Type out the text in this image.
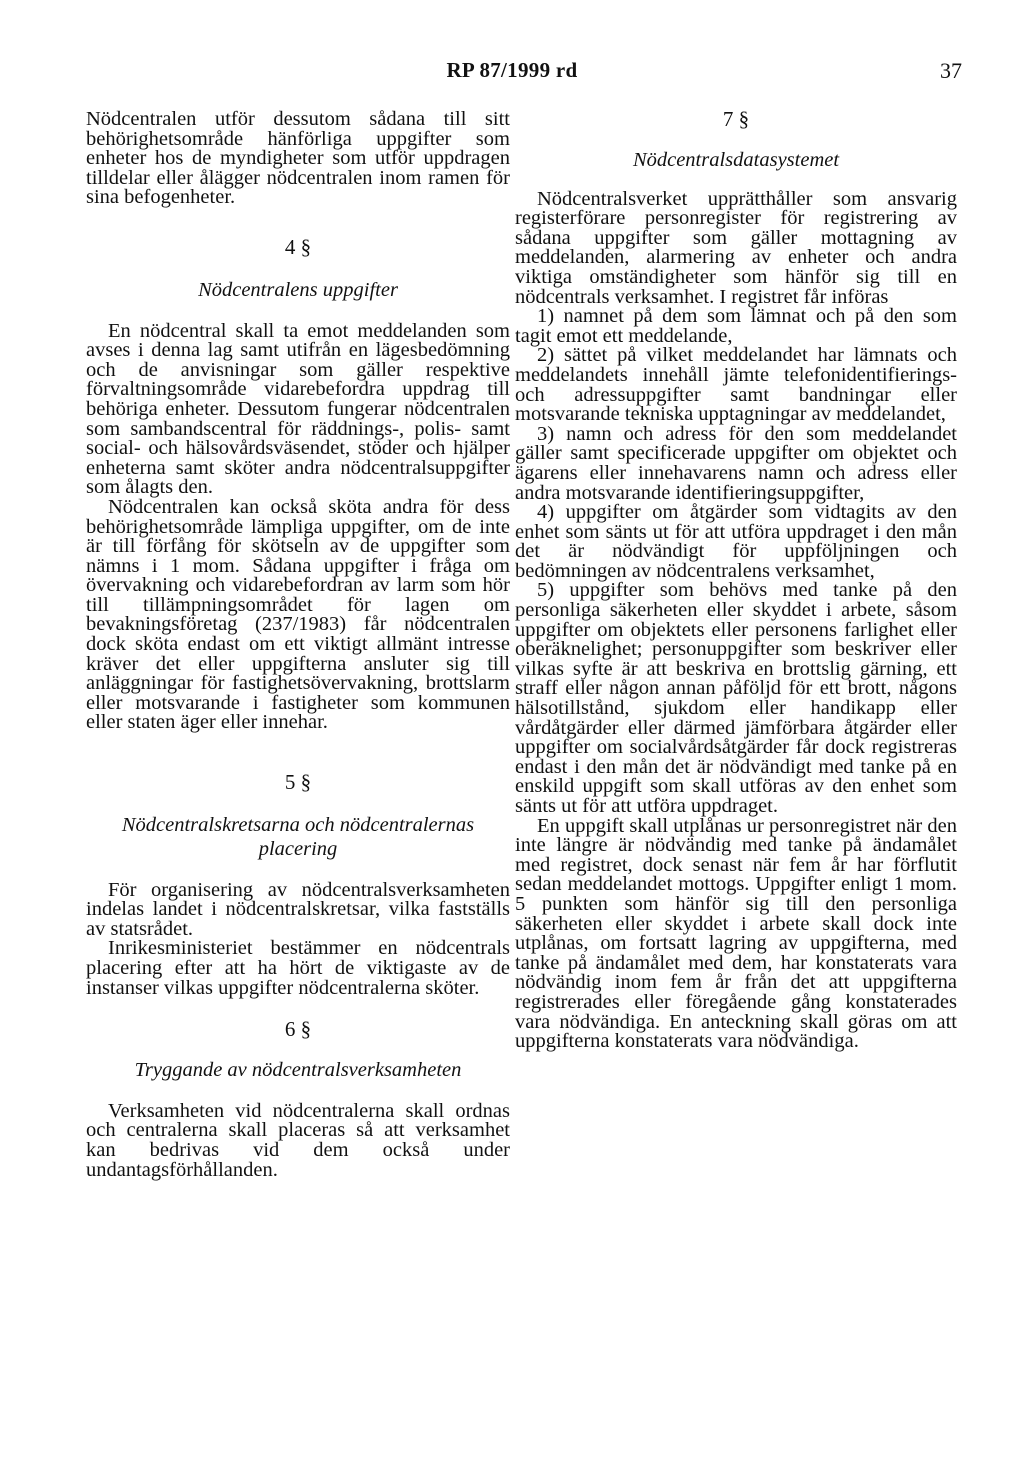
RP 87/1999 rd	37

Nödcentralen utför dessutom sådana till sitt behörighetsområde hänförliga uppgifter som enheter hos de myndigheter som utför uppdragen tilldelar eller ålägger nödcentralen inom ramen för sina befogenheter.

4 §

Nödcentralens uppgifter

En nödcentral skall ta emot meddelanden som avses i denna lag samt utifrån en lägesbedömning och de anvisningar som gäller respektive förvaltningsområde vidarebefordra uppdrag till behöriga enheter. Dessutom fungerar nödcentralen som sambandscentral för räddnings-, polis- samt social- och hälsovårdsväsendet, stöder och hjälper enheterna samt sköter andra nödcentralsuppgifter som ålagts den.

Nödcentralen kan också sköta andra för dess behörighetsområde lämpliga uppgifter, om de inte är till förfång för skötseln av de uppgifter som nämns i 1 mom. Sådana uppgifter i fråga om övervakning och vidarebefordran av larm som hör till tillämpningsområdet för lagen om bevakningsföretag (237/1983) får nödcentralen dock sköta endast om ett viktigt allmänt intresse kräver det eller uppgifterna ansluter sig till anläggningar för fastighetsövervakning, brottslarm eller motsvarande i fastigheter som kommunen eller staten äger eller innehar.

5 §

Nödcentralskretsarna och nödcentralernas placering

För organisering av nödcentralsverksamheten indelas landet i nödcentralskretsar, vilka fastställs av statsrådet.

Inrikesministeriet bestämmer en nödcentrals placering efter att ha hört de viktigaste av de instanser vilkas uppgifter nödcentralerna sköter.

6 §

Tryggande av nödcentralsverksamheten

Verksamheten vid nödcentralerna skall ordnas och centralerna skall placeras så att verksamhet kan bedrivas vid dem också under undantagsförhållanden.

7 §

Nödcentralsdatasystemet

Nödcentralsverket upprätthåller som ansvarig registerförare personregister för registrering av sådana uppgifter som gäller mottagning av meddelanden, alarmering av enheter och andra viktiga omständigheter som hänför sig till en nödcentrals verksamhet. I registret får införas

1) namnet på dem som lämnat och på den som tagit emot ett meddelande,

2) sättet på vilket meddelandet har lämnats och meddelandets innehåll jämte telefonidentifierings- och adressuppgifter samt bandningar eller motsvarande tekniska upptagningar av meddelandet,

3) namn och adress för den som meddelandet gäller samt specificerade uppgifter om objektet och ägarens eller innehavarens namn och adress eller andra motsvarande identifieringsuppgifter,

4) uppgifter om åtgärder som vidtagits av den enhet som sänts ut för att utföra uppdraget i den mån det är nödvändigt för uppföljningen och bedömningen av nödcentralens verksamhet,

5) uppgifter som behövs med tanke på den personliga säkerheten eller skyddet i arbete, såsom uppgifter om objektets eller personens farlighet eller oberäknelighet; personuppgifter som beskriver eller vilkas syfte är att beskriva en brottslig gärning, ett straff eller någon annan påföljd för ett brott, någons hälsotillstånd, sjukdom eller handikapp eller vårdåtgärder eller därmed jämförbara åtgärder eller uppgifter om socialvårdsåtgärder får dock registreras endast i den mån det är nödvändigt med tanke på en enskild uppgift som skall utföras av den enhet som sänts ut för att utföra uppdraget.

En uppgift skall utplånas ur personregistret när den inte längre är nödvändig med tanke på ändamålet med registret, dock senast när fem år har förflutit sedan meddelandet mottogs. Uppgifter enligt 1 mom. 5 punkten som hänför sig till den personliga säkerheten eller skyddet i arbete skall dock inte utplånas, om fortsatt lagring av uppgifterna, med tanke på ändamålet med dem, har konstaterats vara nödvändig inom fem år från det att uppgifterna registrerades eller föregående gång konstaterades vara nödvändiga. En anteckning skall göras om att uppgifterna konstaterats vara nödvändiga.
